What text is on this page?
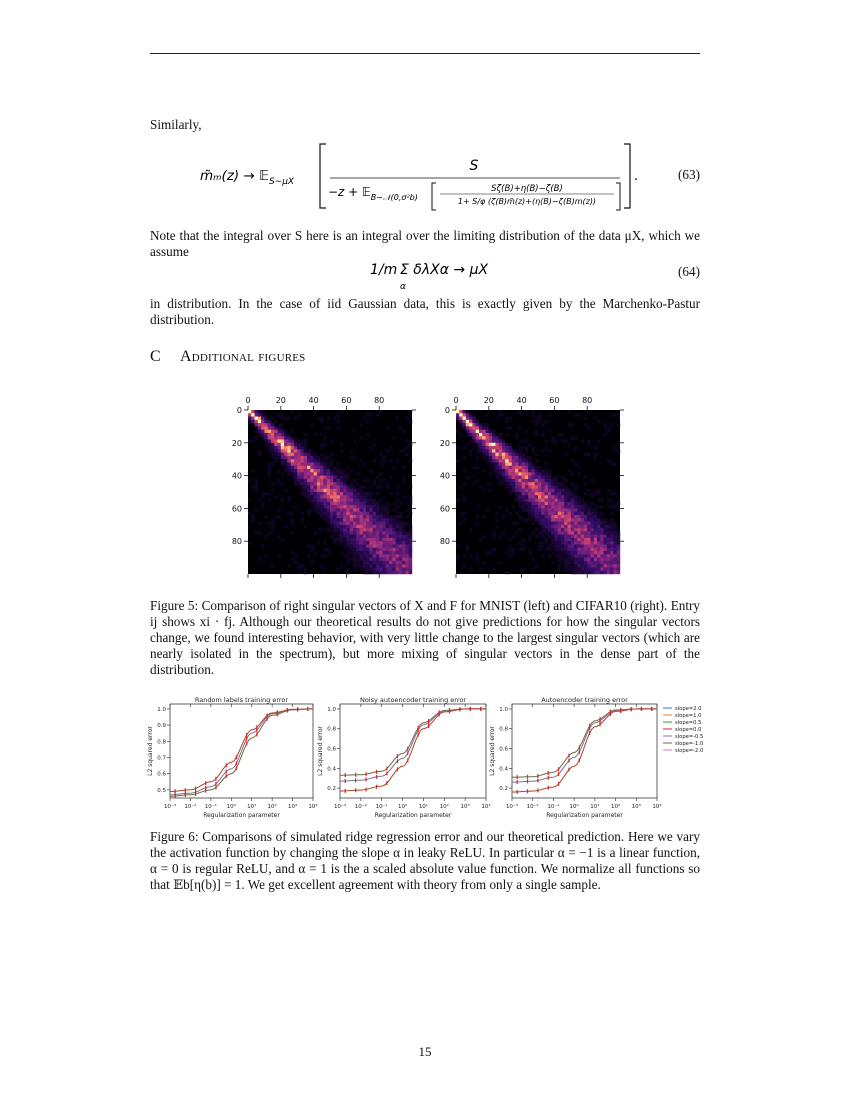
Similarly,
m̃ₘ(z) → 𝔼$_{S\sim\mu X}$
S
−z + 𝔼$_{B\sim 𝒩(0,\sigma^2b)}$
Sζ(B)+η(B)−ζ(B)
1+ S/φ (ζ(B)m̃(z)+(η(B)−ζ(B)m(z))
.	(63)
Note that the integral over S here is an integral over the limiting distribution of the data μX, which we assume
1/m Σ δλXα → μX
α
(64)
in distribution. In the case of iid Gaussian data, this is exactly given by the Marchenko-Pastur distribution.
C Additional figures
0	20	40	60	80
0
20
40
60
80
0	20	40	60	80
0
20
40
60
80
Figure 5: Comparison of right singular vectors of X and F for MNIST (left) and CIFAR10 (right). Entry ij shows xi · fj. Although our theoretical results do not give predictions for how the singular vectors change, we found interesting behavior, with very little change to the largest singular vectors (which are nearly isolated in the spectrum), but more mixing of singular vectors in the dense part of the distribution.
Random labels training error
10⁻³ 10⁻² 10⁻¹ 10⁰ 10¹ 10² 10³ 10⁴
0.5
0.6
0.7
0.8
0.9
1.0
Regularization parameter
L2 squared error
Noisy autoencoder training error
10⁻³ 10⁻² 10⁻¹ 10⁰ 10¹ 10² 10³ 10⁴
0.2
0.4
0.6
0.8
1.0
Regularization parameter
L2 squared error
Autoencoder training error
10⁻³ 10⁻² 10⁻¹ 10⁰ 10¹ 10² 10³ 10⁴
0.2
0.4
0.6
0.8
1.0
Regularization parameter
L2 squared error
slope=2.0
slope=1.0
slope=0.5
slope=0.0
slope=-0.5
slope=-1.0
slope=-2.0
Figure 6: Comparisons of simulated ridge regression error and our theoretical prediction. Here we vary the activation function by changing the slope α in leaky ReLU. In particular α = −1 is a linear function, α = 0 is regular ReLU, and α = 1 is the a scaled absolute value function. We normalize all functions so that 𝔼b[η(b)] = 1. We get excellent agreement with theory from only a single sample.
15
